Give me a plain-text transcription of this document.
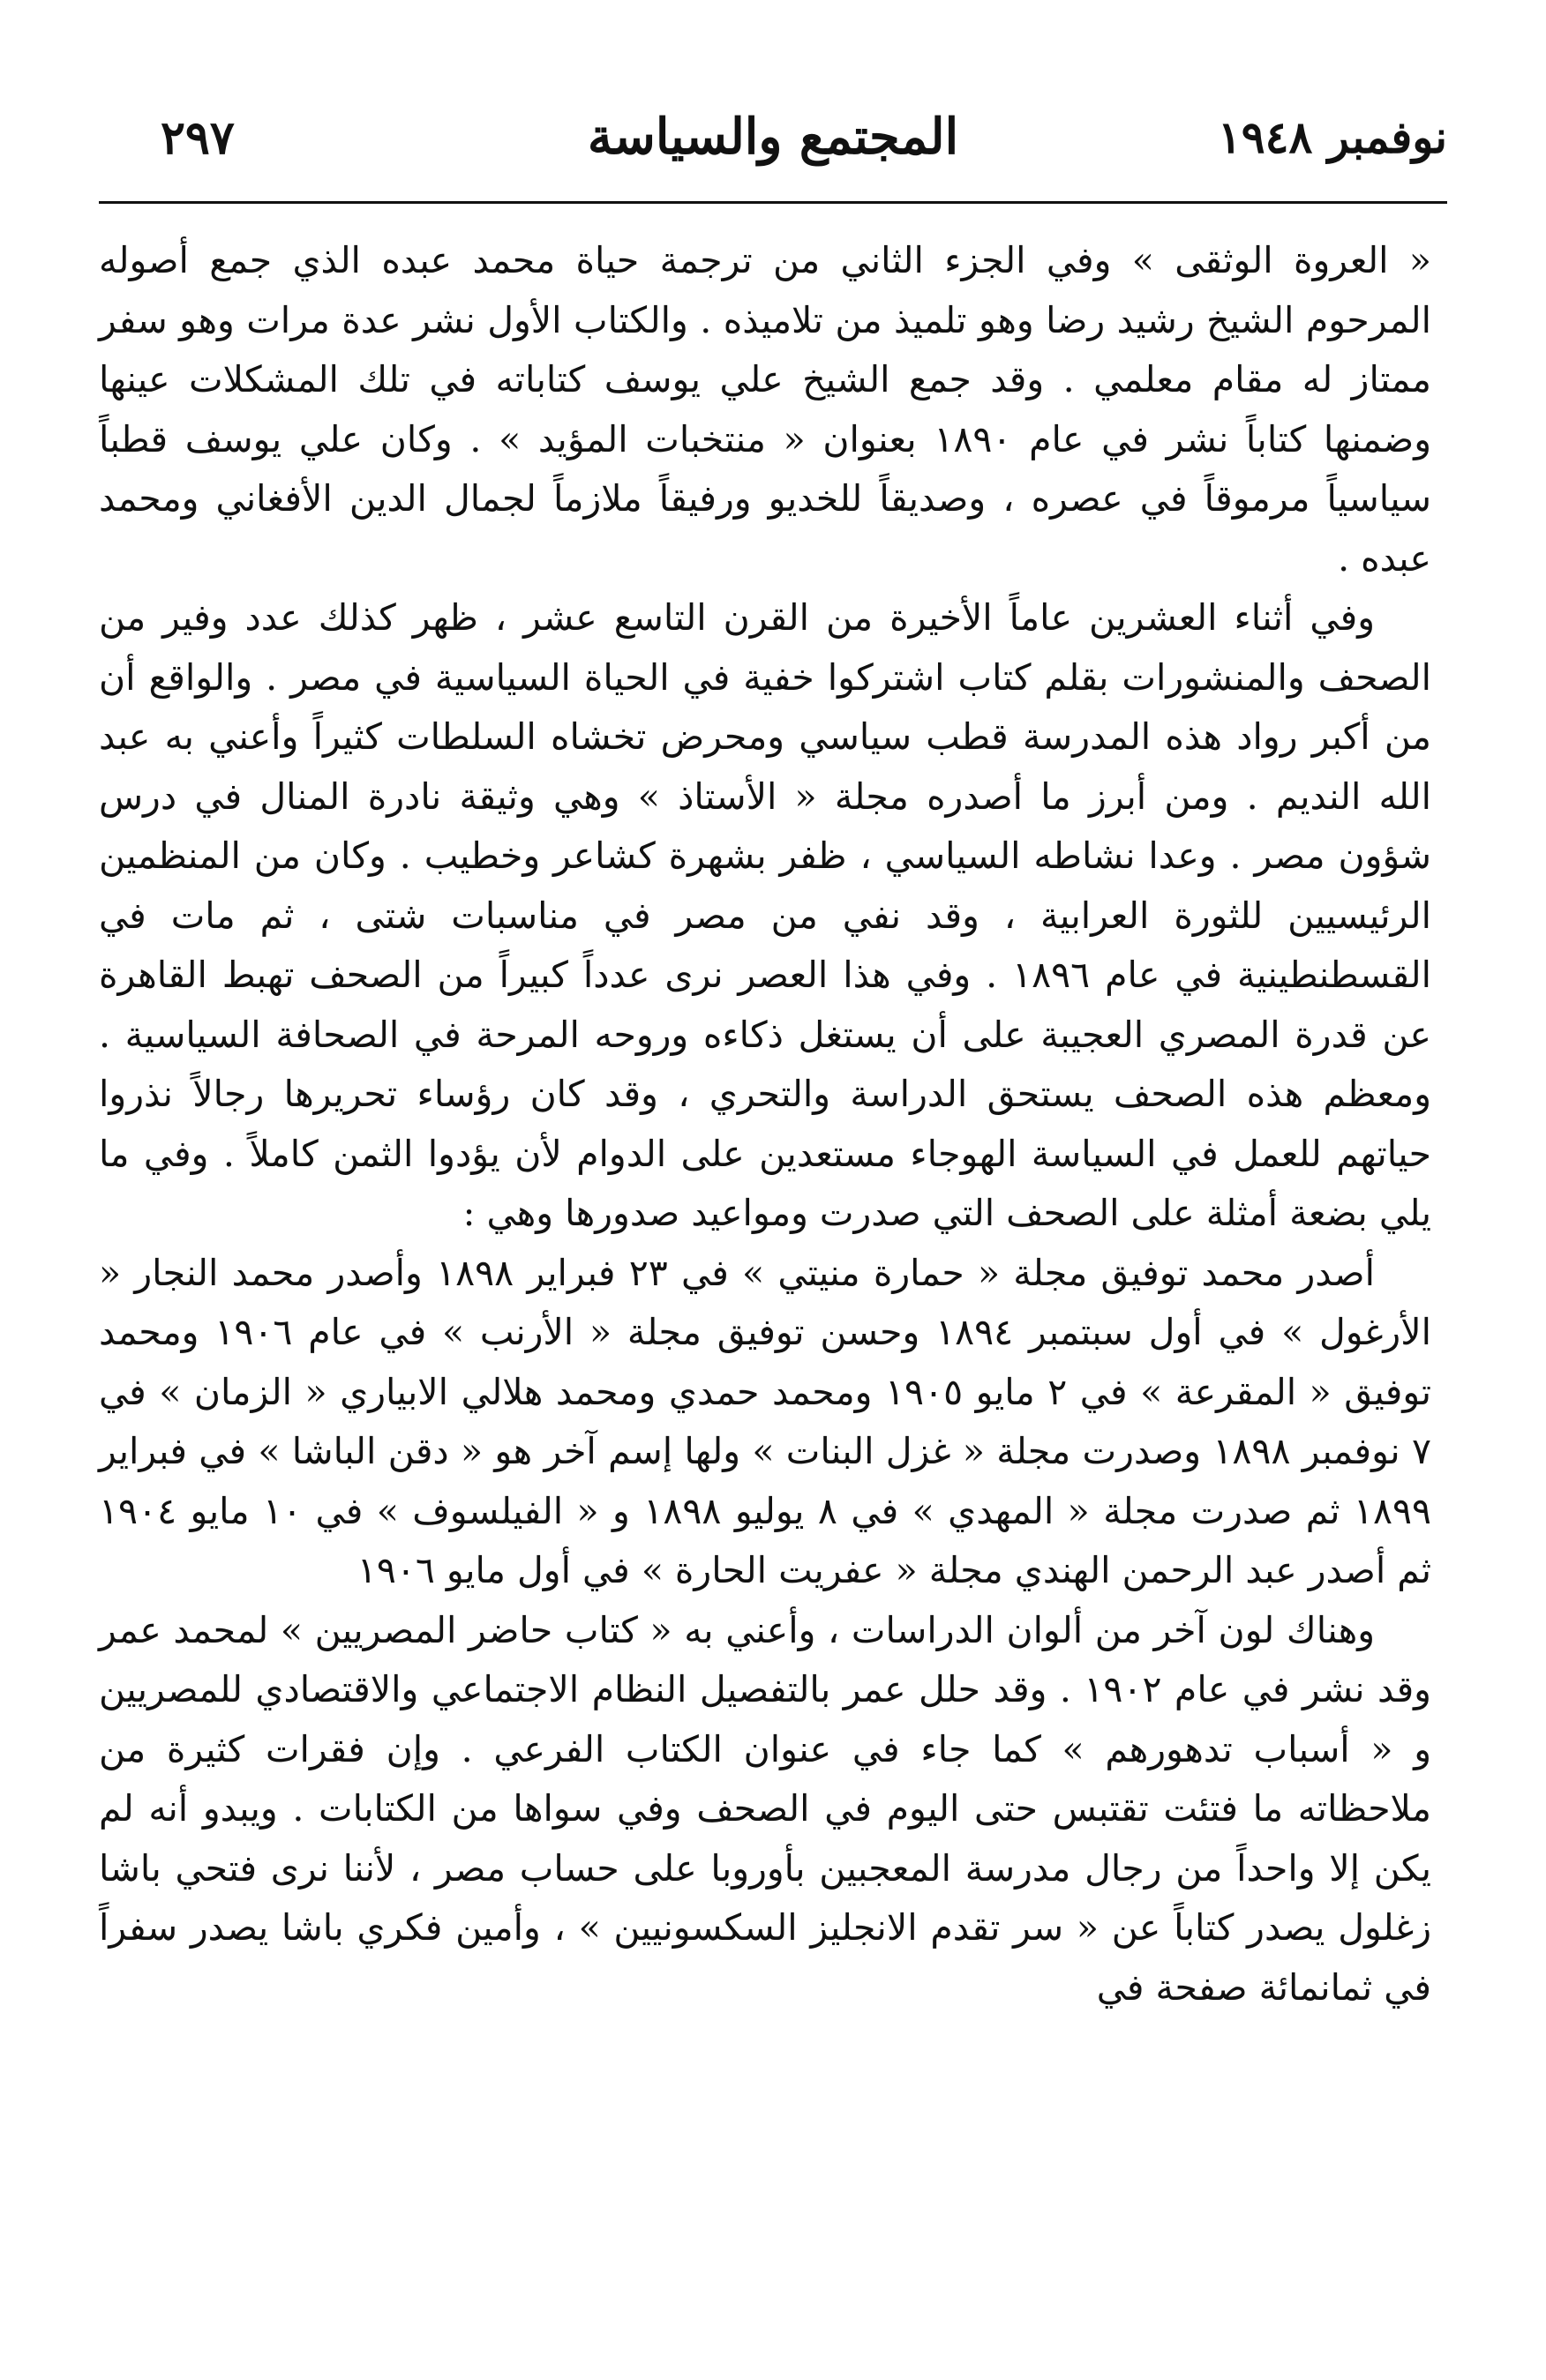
نوفمبر ١٩٤٨
المجتمع والسياسة
٢٩٧

« العروة الوثقى » وفي الجزء الثاني من ترجمة حياة محمد عبده الذي جمع أصوله المرحوم الشيخ رشيد رضا وهو تلميذ من تلاميذه . والكتاب الأول نشر عدة مرات وهو سفر ممتاز له مقام معلمي . وقد جمع الشيخ علي يوسف كتاباته في تلك المشكلات عينها وضمنها كتاباً نشر في عام ١٨٩٠ بعنوان « منتخبات المؤيد » . وكان علي يوسف قطباً سياسياً مرموقاً في عصره ، وصديقاً للخديو ورفيقاً ملازماً لجمال الدين الأفغاني ومحمد عبده .

وفي أثناء العشرين عاماً الأخيرة من القرن التاسع عشر ، ظهر كذلك عدد وفير من الصحف والمنشورات بقلم كتاب اشتركوا خفية في الحياة السياسية في مصر . والواقع أن من أكبر رواد هذه المدرسة قطب سياسي ومحرض تخشاه السلطات كثيراً وأعني به عبد الله النديم . ومن أبرز ما أصدره مجلة « الأستاذ » وهي وثيقة نادرة المنال في درس شؤون مصر . وعدا نشاطه السياسي ، ظفر بشهرة كشاعر وخطيب . وكان من المنظمين الرئيسيين للثورة العرابية ، وقد نفي من مصر في مناسبات شتى ، ثم مات في القسطنطينية في عام ١٨٩٦ . وفي هذا العصر نرى عدداً كبيراً من الصحف تهبط القاهرة عن قدرة المصري العجيبة على أن يستغل ذكاءه وروحه المرحة في الصحافة السياسية . ومعظم هذه الصحف يستحق الدراسة والتحري ، وقد كان رؤساء تحريرها رجالاً نذروا حياتهم للعمل في السياسة الهوجاء مستعدين على الدوام لأن يؤدوا الثمن كاملاً . وفي ما يلي بضعة أمثلة على الصحف التي صدرت ومواعيد صدورها وهي :

أصدر محمد توفيق مجلة « حمارة منيتي » في ٢٣ فبراير ١٨٩٨ وأصدر محمد النجار « الأرغول » في أول سبتمبر ١٨٩٤ وحسن توفيق مجلة « الأرنب » في عام ١٩٠٦ ومحمد توفيق « المقرعة » في ٢ مايو ١٩٠٥ ومحمد حمدي ومحمد هلالي الابياري « الزمان » في ٧ نوفمبر ١٨٩٨ وصدرت مجلة « غزل البنات » ولها إسم آخر هو « دقن الباشا » في فبراير ١٨٩٩ ثم صدرت مجلة « المهدي » في ٨ يوليو ١٨٩٨ و « الفيلسوف » في ١٠ مايو ١٩٠٤ ثم أصدر عبد الرحمن الهندي مجلة « عفريت الحارة » في أول مايو ١٩٠٦

وهناك لون آخر من ألوان الدراسات ، وأعني به « كتاب حاضر المصريين » لمحمد عمر وقد نشر في عام ١٩٠٢ . وقد حلل عمر بالتفصيل النظام الاجتماعي والاقتصادي للمصريين و « أسباب تدهورهم » كما جاء في عنوان الكتاب الفرعي . وإن فقرات كثيرة من ملاحظاته ما فتئت تقتبس حتى اليوم في الصحف وفي سواها من الكتابات . ويبدو أنه لم يكن إلا واحداً من رجال مدرسة المعجبين بأوروبا على حساب مصر ، لأننا نرى فتحي باشا زغلول يصدر كتاباً عن « سر تقدم الانجليز السكسونيين » ، وأمين فكري باشا يصدر سفراً في ثمانمائة صفحة في
